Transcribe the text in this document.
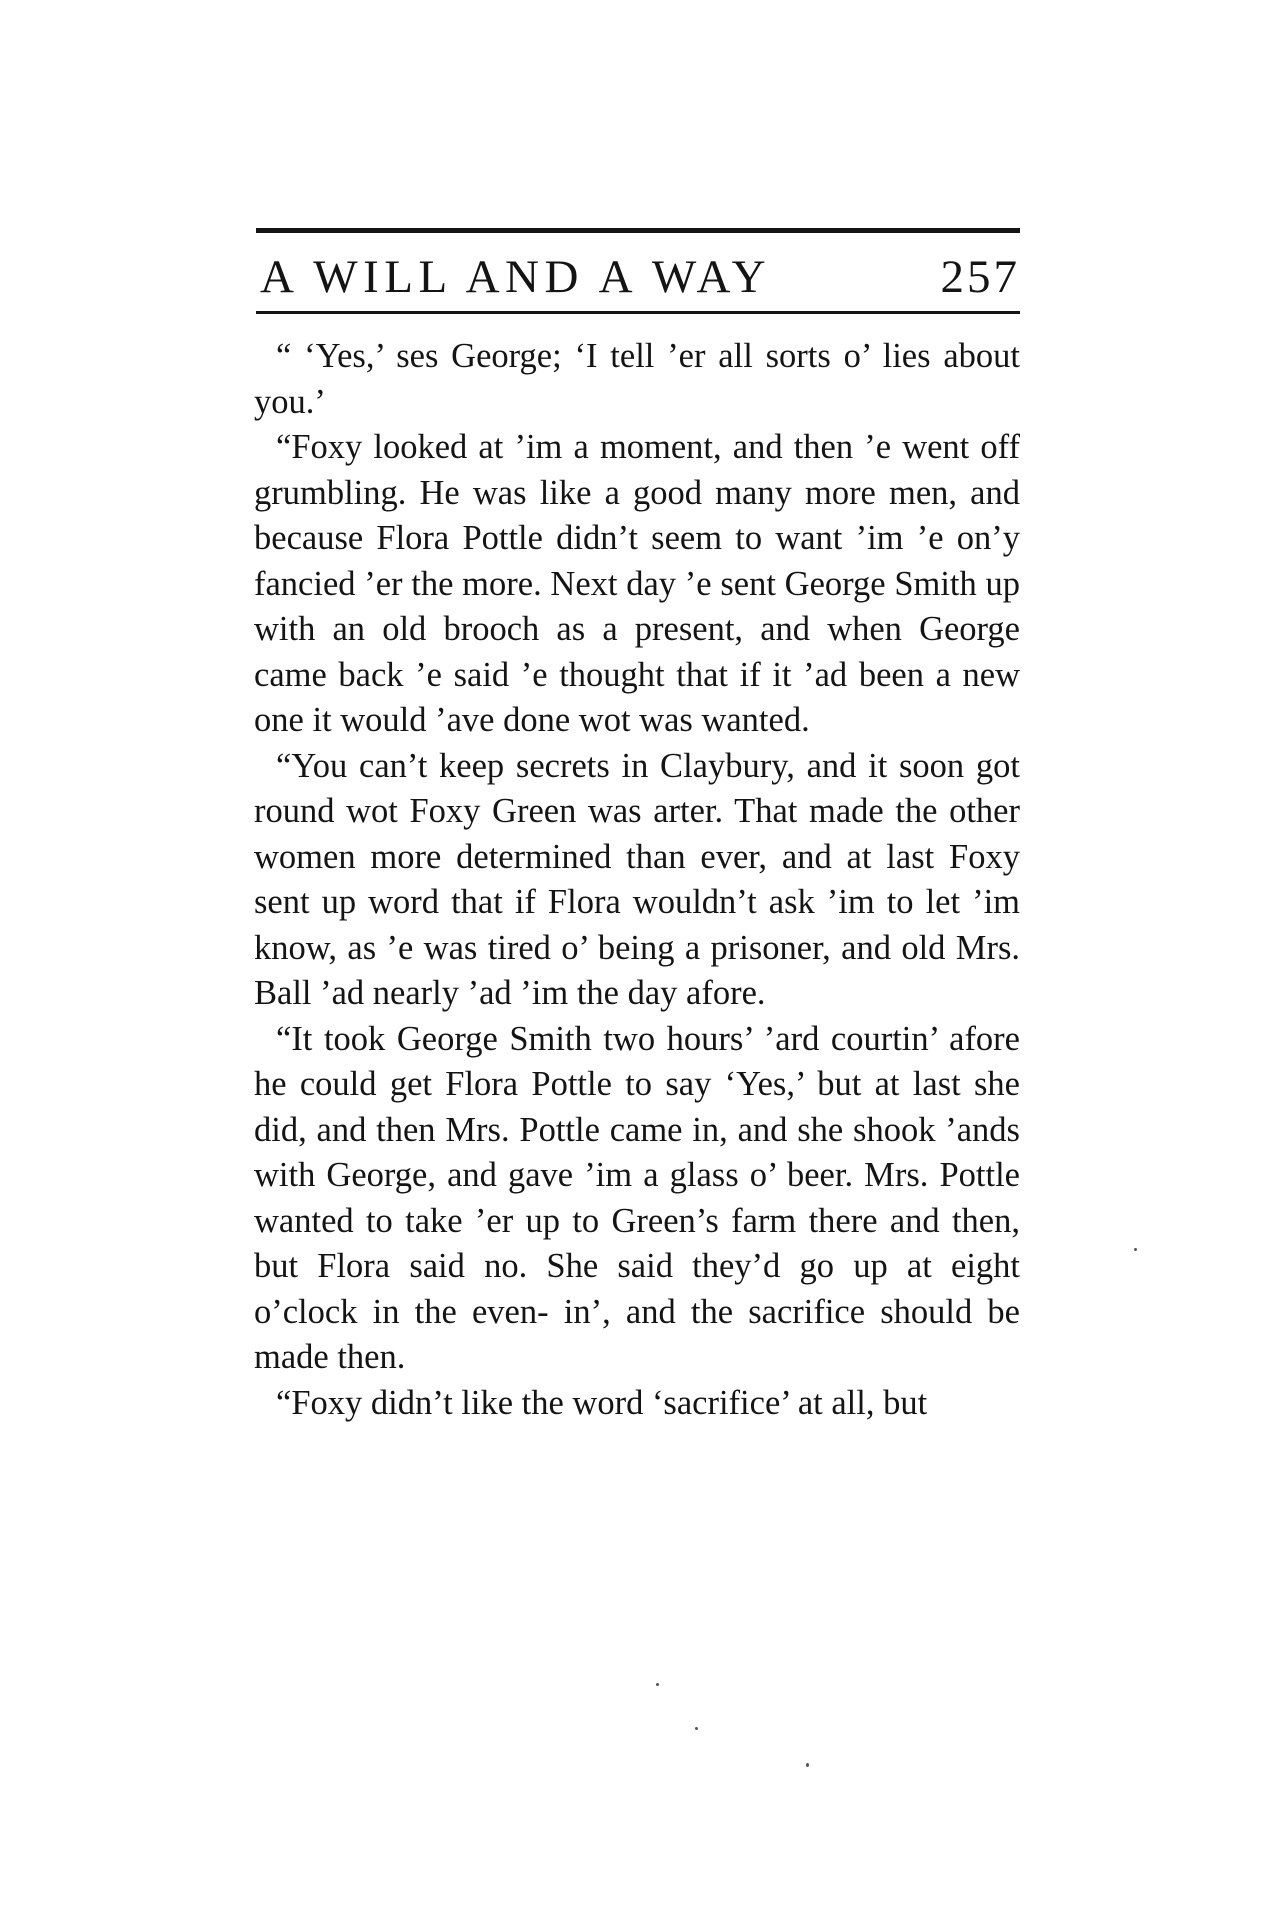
A WILL AND A WAY	257

“ ‘Yes,’ ses George; ‘I tell ’er all sorts o’ lies about you.’

“Foxy looked at ’im a moment, and then ’e went off grumbling. He was like a good many more men, and because Flora Pottle didn’t seem to want ’im ’e on’y fancied ’er the more. Next day ’e sent George Smith up with an old brooch as a present, and when George came back ’e said ’e thought that if it ’ad been a new one it would ’ave done wot was wanted.

“You can’t keep secrets in Claybury, and it soon got round wot Foxy Green was arter. That made the other women more determined than ever, and at last Foxy sent up word that if Flora wouldn’t ask ’im to let ’im know, as ’e was tired o’ being a prisoner, and old Mrs. Ball ’ad nearly ’ad ’im the day afore.

“It took George Smith two hours’ ’ard courtin’ afore he could get Flora Pottle to say ‘Yes,’ but at last she did, and then Mrs. Pottle came in, and she shook ’ands with George, and gave ’im a glass o’ beer. Mrs. Pottle wanted to take ’er up to Green’s farm there and then, but Flora said no. She said they’d go up at eight o’clock in the even- in’, and the sacrifice should be made then.

“Foxy didn’t like the word ‘sacrifice’ at all, but
